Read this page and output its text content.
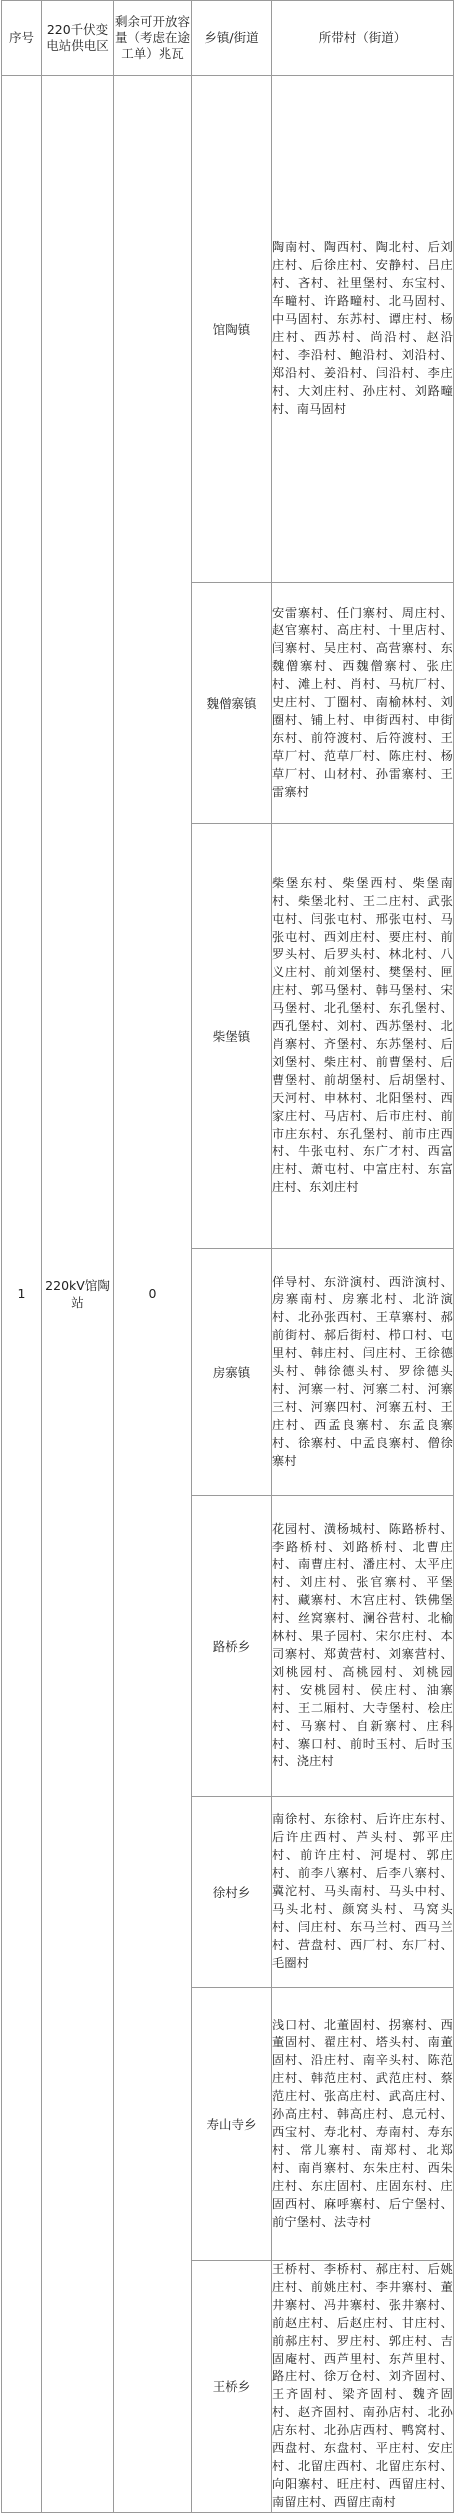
序号	220千伏变电站供电区	剩余可开放容量（考虑在途工单）兆瓦	乡镇/街道	所带村（街道）
1	220kV馆陶站	0	馆陶镇	陶南村、陶西村、陶北村、后刘庄村、后徐庄村、安静村、吕庄村、吝村、社里堡村、东宝村、车疃村、许路疃村、北马固村、中马固村、东苏村、谭庄村、杨庄村、西苏村、尚沿村、赵沿村、李沿村、鲍沿村、刘沿村、郑沿村、姜沿村、闫沿村、李庄村、大刘庄村、孙庄村、刘路疃村、南马固村
			魏僧寨镇	安雷寨村、任门寨村、周庄村、赵官寨村、高庄村、十里店村、闫寨村、吴庄村、高营寨村、东魏僧寨村、西魏僧寨村、张庄村、滩上村、肖村、马杭厂村、史庄村、丁圈村、南榆林村、刘圈村、铺上村、申街西村、申街东村、前符渡村、后符渡村、王草厂村、范草厂村、陈庄村、杨草厂村、山材村、孙雷寨村、王雷寨村
			柴堡镇	柴堡东村、柴堡西村、柴堡南村、柴堡北村、王二庄村、武张屯村、闫张屯村、邢张屯村、马张屯村、西刘庄村、要庄村、前罗头村、后罗头村、林北村、八义庄村、前刘堡村、樊堡村、匣庄村、郭马堡村、韩马堡村、宋马堡村、北孔堡村、东孔堡村、西孔堡村、刘村、西苏堡村、北肖寨村、齐堡村、东苏堡村、后刘堡村、柴庄村、前曹堡村、后曹堡村、前胡堡村、后胡堡村、天河村、申林村、北阳堡村、西家庄村、马店村、后市庄村、前市庄东村、东孔堡村、前市庄西村、牛张屯村、东广才村、西富庄村、萧屯村、中富庄村、东富庄村、东刘庄村
			房寨镇	佯导村、东浒演村、西浒演村、房寨南村、房寨北村、北浒演村、北孙张西村、王草寨村、郝前街村、郝后街村、栉口村、屯里村、韩庄村、闫庄村、王徐德头村、韩徐德头村、罗徐德头村、河寨一村、河寨二村、河寨三村、河寨四村、河寨五村、王庄村、西孟良寨村、东孟良寨村、徐寨村、中孟良寨村、僧徐寨村
			路桥乡	花园村、潢杨城村、陈路桥村、李路桥村、刘路桥村、北曹庄村、南曹庄村、潘庄村、太平庄村、刘庄村、张官寨村、平堡村、藏寨村、木宫庄村、铁佛堡村、丝窝寨村、澜谷营村、北榆林村、果子园村、宋尔庄村、本司寨村、郑黄营村、刘寨营村、刘桃园村、高桃园村、刘桃园村、安桃园村、侯庄村、油寨村、王二厢村、大寺堡村、桧庄村、马寨村、自新寨村、庄科村、寨口村、前时玉村、后时玉村、浇庄村
			徐村乡	南徐村、东徐村、后许庄东村、后许庄西村、芦头村、郭平庄村、前许庄村、河堤村、郭庄村、前李八寨村、后李八寨村、冀沱村、马头南村、马头中村、马头北村、颜窝头村、马窝头村、闫庄村、东马兰村、西马兰村、营盘村、西厂村、东厂村、毛圈村
			寿山寺乡	浅口村、北董固村、拐寨村、西董固村、翟庄村、塔头村、南董固村、沿庄村、南辛头村、陈范庄村、韩范庄村、武范庄村、蔡范庄村、张高庄村、武高庄村、孙高庄村、韩高庄村、息元村、西宝村、寿北村、寿南村、寿东村、常儿寨村、南郑村、北郑村、南肖寨村、东朱庄村、西朱庄村、东庄固村、庄固东村、庄固西村、麻呼寨村、后宁堡村、前宁堡村、法寺村
			王桥乡	王桥村、李桥村、郝庄村、后姚庄村、前姚庄村、李井寨村、董井寨村、冯井寨村、张井寨村、前赵庄村、后赵庄村、甘庄村、前郝庄村、罗庄村、郭庄村、吉固庵村、西芦里村、东芦里村、路庄村、徐万仓村、刘齐固村、王齐固村、梁齐固村、魏齐固村、赵齐固村、南孙店村、北孙店东村、北孙店西村、鸭窝村、西盘村、东盘村、平庄村、安庄村、北留庄西村、北留庄东村、向阳寨村、旺庄村、西留庄村、南留庄村、西留庄南村
